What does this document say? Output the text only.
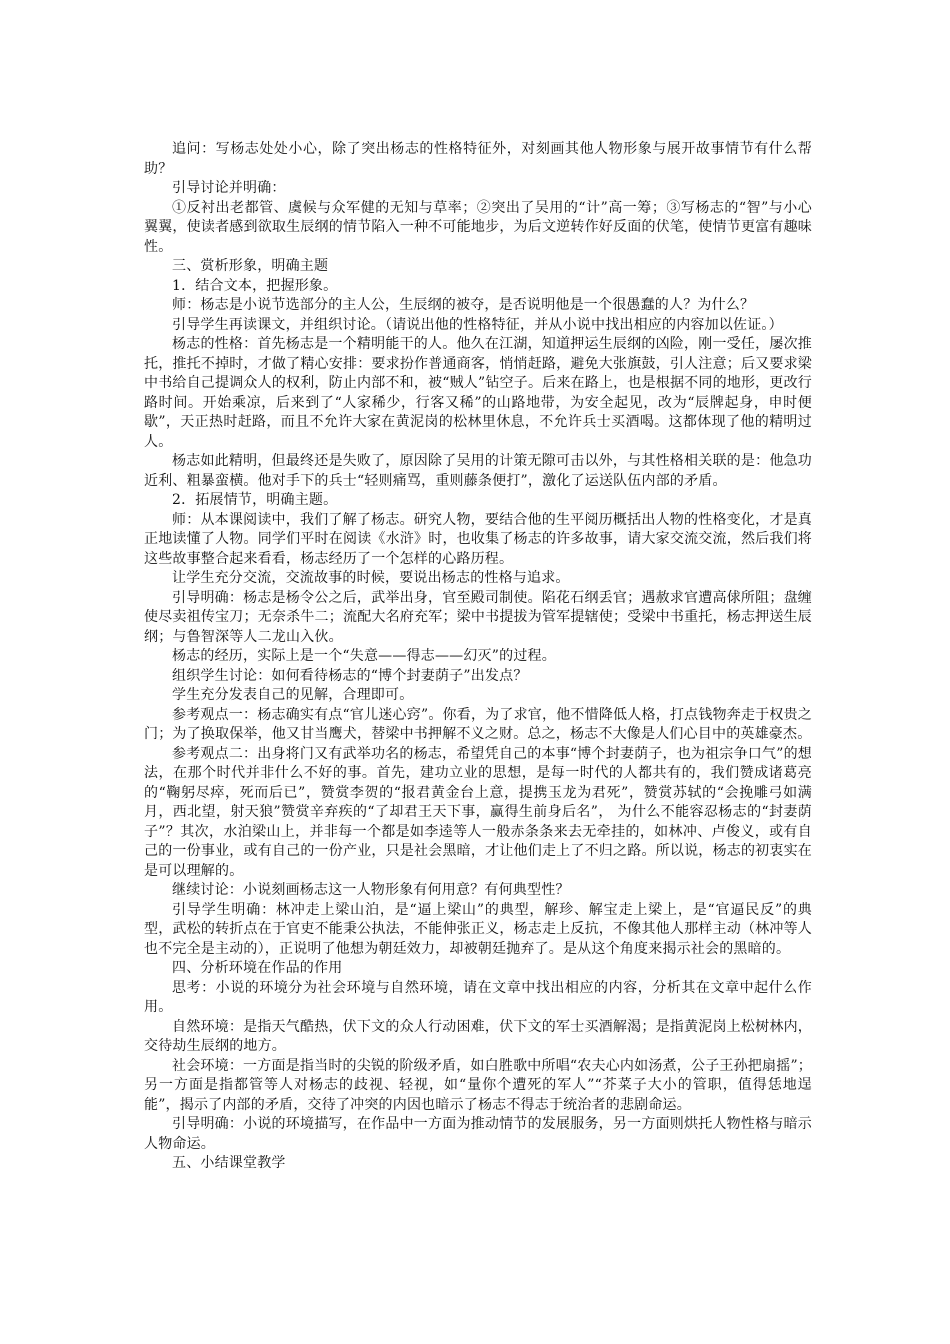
追问：写杨志处处小心，除了突出杨志的性格特征外，对刻画其他人物形象与展开故事情节有什么帮助？

引导讨论并明确：

①反衬出老都管、虞候与众军健的无知与草率；②突出了吴用的“计”高一筹；③写杨志的“智”与小心翼翼，使读者感到欲取生辰纲的情节陷入一种不可能地步，为后文逆转作好反面的伏笔，使情节更富有趣味性。

三、赏析形象，明确主题

1．结合文本，把握形象。

师：杨志是小说节选部分的主人公，生辰纲的被夺，是否说明他是一个很愚蠢的人？为什么？

引导学生再读课文，并组织讨论。（请说出他的性格特征，并从小说中找出相应的内容加以佐证。）

杨志的性格：首先杨志是一个精明能干的人。他久在江湖，知道押运生辰纲的凶险，刚一受任，屡次推托，推托不掉时，才做了精心安排：要求扮作普通商客，悄悄赶路，避免大张旗鼓，引人注意；后又要求梁中书给自己提调众人的权利，防止内部不和，被“贼人”钻空子。后来在路上，也是根据不同的地形，更改行路时间。开始乘凉，后来到了“人家稀少，行客又稀”的山路地带，为安全起见，改为“辰牌起身，申时便歇”，天正热时赶路，而且不允许大家在黄泥岗的松林里休息，不允许兵士买酒喝。这都体现了他的精明过人。

杨志如此精明，但最终还是失败了，原因除了吴用的计策无隙可击以外，与其性格相关联的是：他急功近利、粗暴蛮横。他对手下的兵士“轻则痛骂，重则藤条便打”，激化了运送队伍内部的矛盾。

2．拓展情节，明确主题。

师：从本课阅读中，我们了解了杨志。研究人物，要结合他的生平阅历概括出人物的性格变化，才是真正地读懂了人物。同学们平时在阅读《水浒》时，也收集了杨志的许多故事，请大家交流交流，然后我们将这些故事整合起来看看，杨志经历了一个怎样的心路历程。

让学生充分交流，交流故事的时候，要说出杨志的性格与追求。

引导明确：杨志是杨令公之后，武举出身，官至殿司制使。陷花石纲丢官；遇赦求官遭高俅所阻；盘缠使尽卖祖传宝刀；无奈杀牛二；流配大名府充军；梁中书提拔为管军提辖使；受梁中书重托，杨志押送生辰纲；与鲁智深等人二龙山入伙。

杨志的经历，实际上是一个“失意——得志——幻灭”的过程。

组织学生讨论：如何看待杨志的“博个封妻荫子”出发点？

学生充分发表自己的见解，合理即可。

参考观点一：杨志确实有点“官儿迷心窍”。你看，为了求官，他不惜降低人格，打点钱物奔走于权贵之门；为了换取保举，他又甘当鹰犬，替梁中书押解不义之财。总之，杨志不大像是人们心目中的英雄豪杰。

参考观点二：出身将门又有武举功名的杨志，希望凭自己的本事“博个封妻荫子，也为祖宗争口气”的想法，在那个时代并非什么不好的事。首先，建功立业的思想，是每一时代的人都共有的，我们赞成诸葛亮的“鞠躬尽瘁，死而后已”，赞赏李贺的“报君黄金台上意，提携玉龙为君死”，赞赏苏轼的“会挽雕弓如满月，西北望，射天狼”赞赏辛弃疾的“了却君王天下事，赢得生前身后名”， 为什么不能容忍杨志的“封妻荫子”？其次，水泊梁山上，并非每一个都是如李逵等人一般赤条条来去无牵挂的，如林冲、卢俊义，或有自己的一份事业，或有自己的一份产业，只是社会黑暗，才让他们走上了不归之路。所以说，杨志的初衷实在是可以理解的。

继续讨论：小说刻画杨志这一人物形象有何用意？有何典型性？

引导学生明确：林冲走上梁山泊，是“逼上梁山”的典型，解珍、解宝走上梁上，是“官逼民反”的典型，武松的转折点在于官吏不能秉公执法，不能伸张正义，杨志走上反抗，不像其他人那样主动（林冲等人也不完全是主动的），正说明了他想为朝廷效力，却被朝廷抛弃了。是从这个角度来揭示社会的黑暗的。

四、分析环境在作品的作用

思考：小说的环境分为社会环境与自然环境，请在文章中找出相应的内容，分析其在文章中起什么作用。

自然环境：是指天气酷热，伏下文的众人行动困难，伏下文的军士买酒解渴；是指黄泥岗上松树林内，交待劫生辰纲的地方。

社会环境：一方面是指当时的尖锐的阶级矛盾，如白胜歌中所唱“农夫心内如汤煮，公子王孙把扇摇”；另一方面是指都管等人对杨志的歧视、轻视，如“量你个遭死的军人”“芥菜子大小的管职，值得恁地逞能”，揭示了内部的矛盾，交待了冲突的内因也暗示了杨志不得志于统治者的悲剧命运。

引导明确：小说的环境描写，在作品中一方面为推动情节的发展服务，另一方面则烘托人物性格与暗示人物命运。

五、小结课堂教学
